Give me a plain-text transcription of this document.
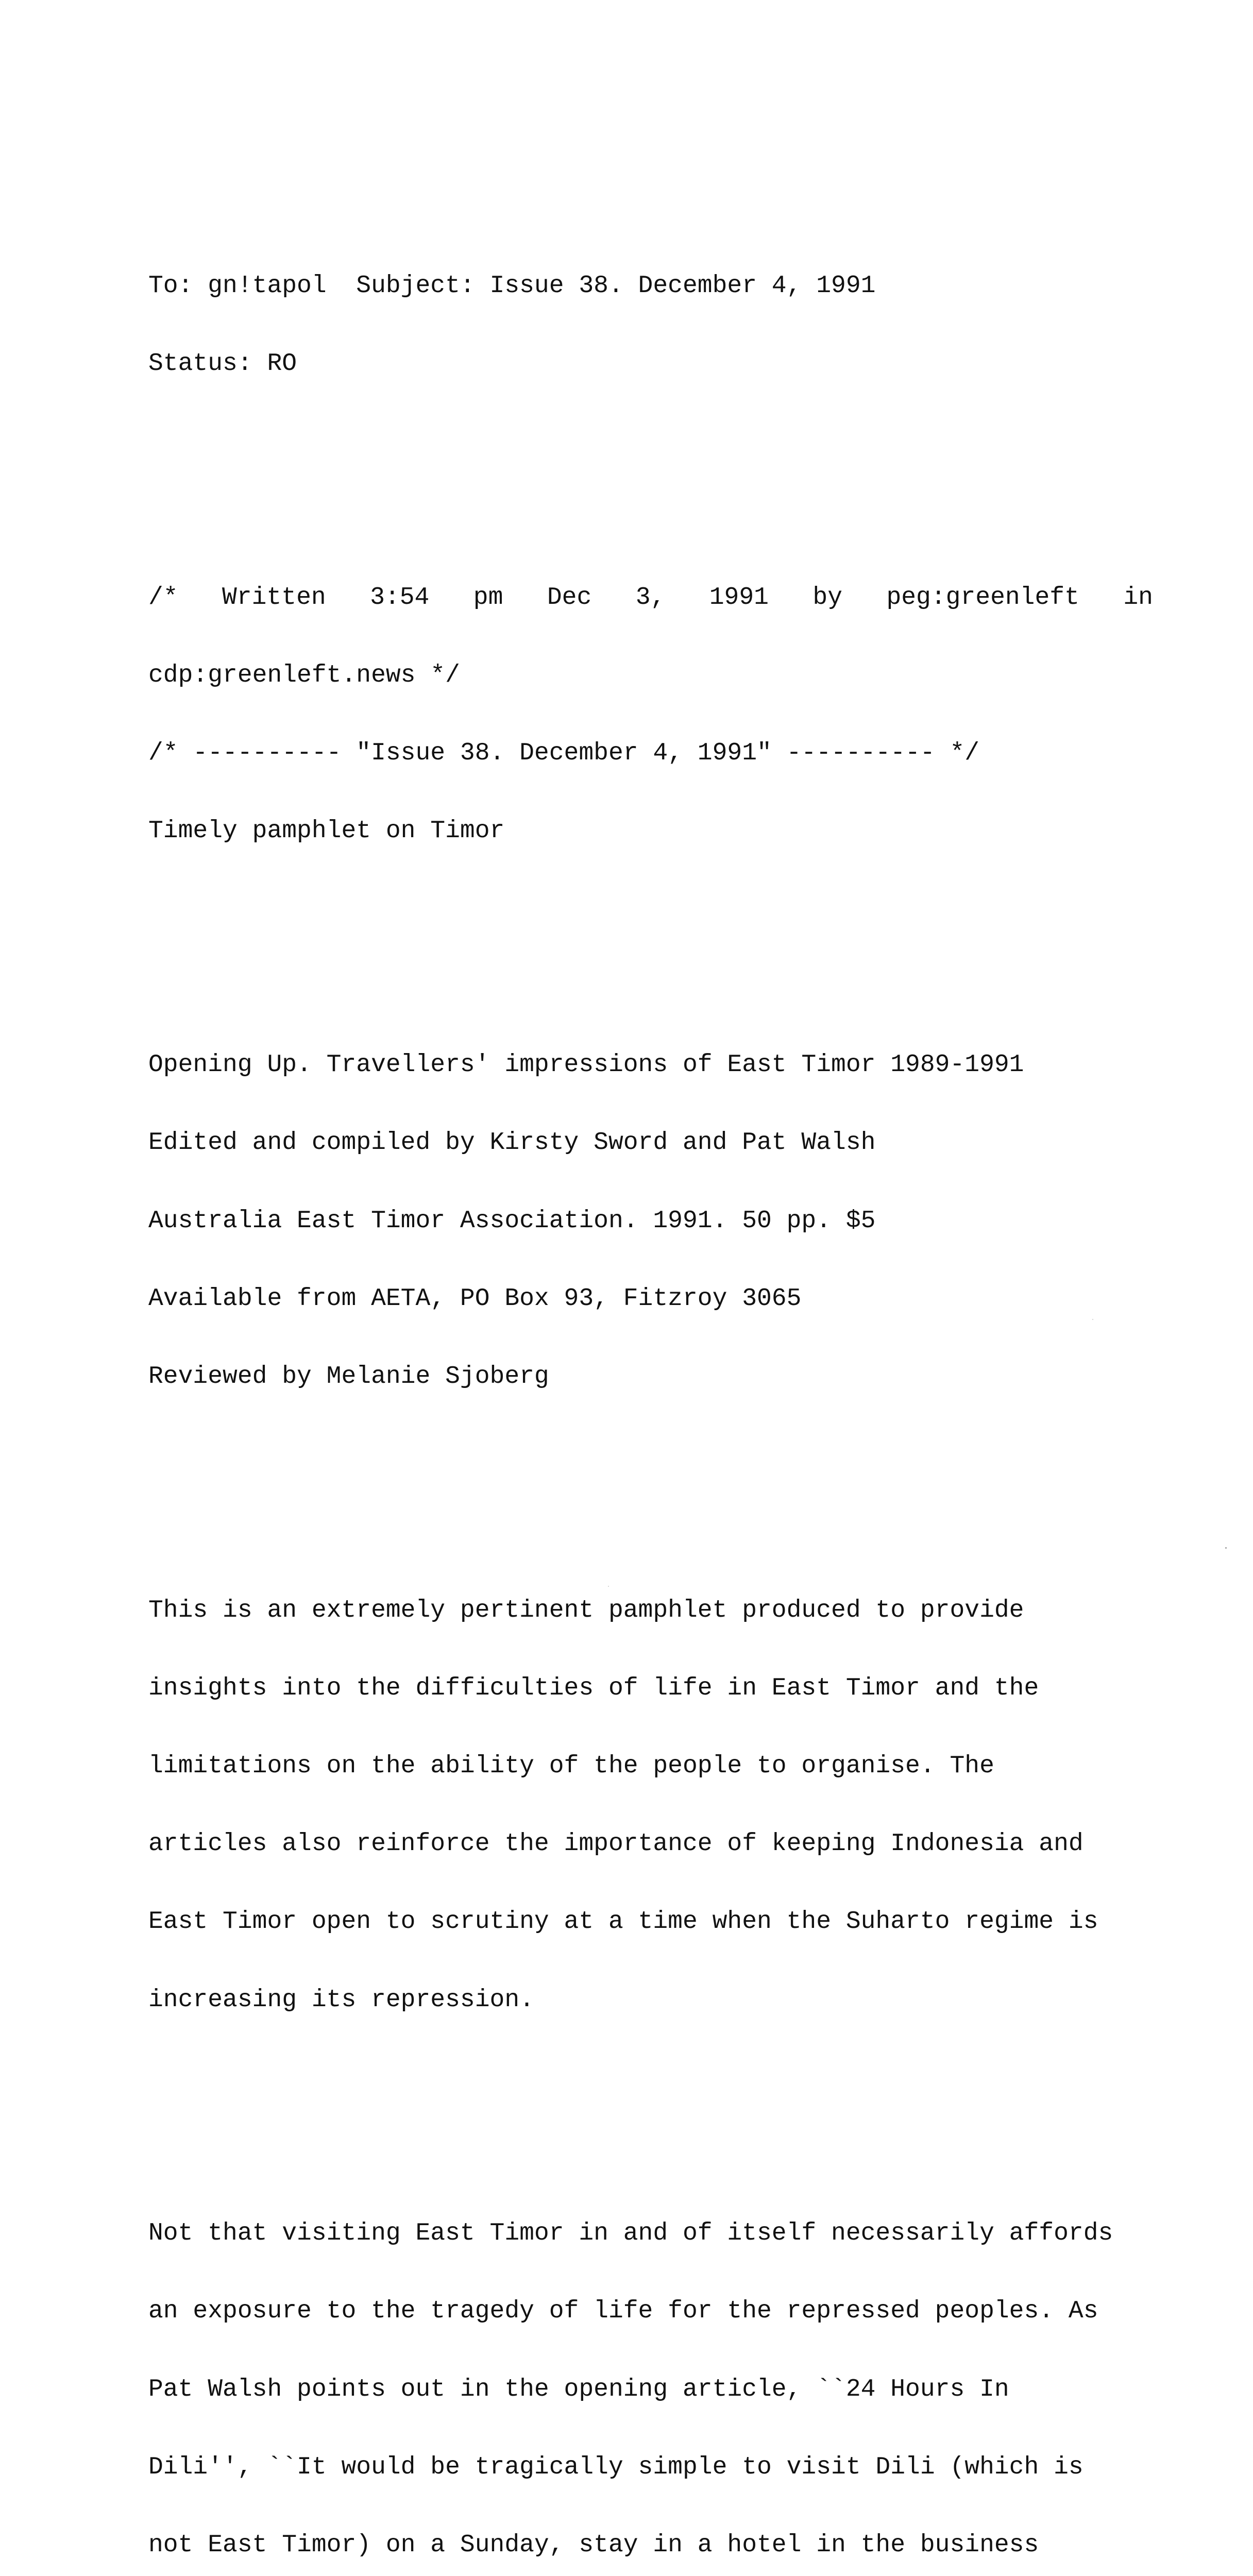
To: gn!tapol  Subject: Issue 38. December 4, 1991

Status: RO

/* Written 3:54 pm Dec 3, 1991 by peg:greenleft in

cdp:greenleft.news */

/* ---------- "Issue 38. December 4, 1991" ---------- */

Timely pamphlet on Timor

Opening Up. Travellers' impressions of East Timor 1989-1991

Edited and compiled by Kirsty Sword and Pat Walsh

Australia East Timor Association. 1991. 50 pp. $5

Available from AETA, PO Box 93, Fitzroy 3065

Reviewed by Melanie Sjoberg

This is an extremely pertinent pamphlet produced to provide

insights into the difficulties of life in East Timor and the

limitations on the ability of the people to organise. The

articles also reinforce the importance of keeping Indonesia and

East Timor open to scrutiny at a time when the Suharto regime is

increasing its repression.

Not that visiting East Timor in and of itself necessarily affords

an exposure to the tragedy of life for the repressed peoples. As

Pat Walsh points out in the opening article, ``24 Hours In

Dili'', ``It would be tragically simple to visit Dili (which is

not East Timor) on a Sunday, stay in a hotel in the business
